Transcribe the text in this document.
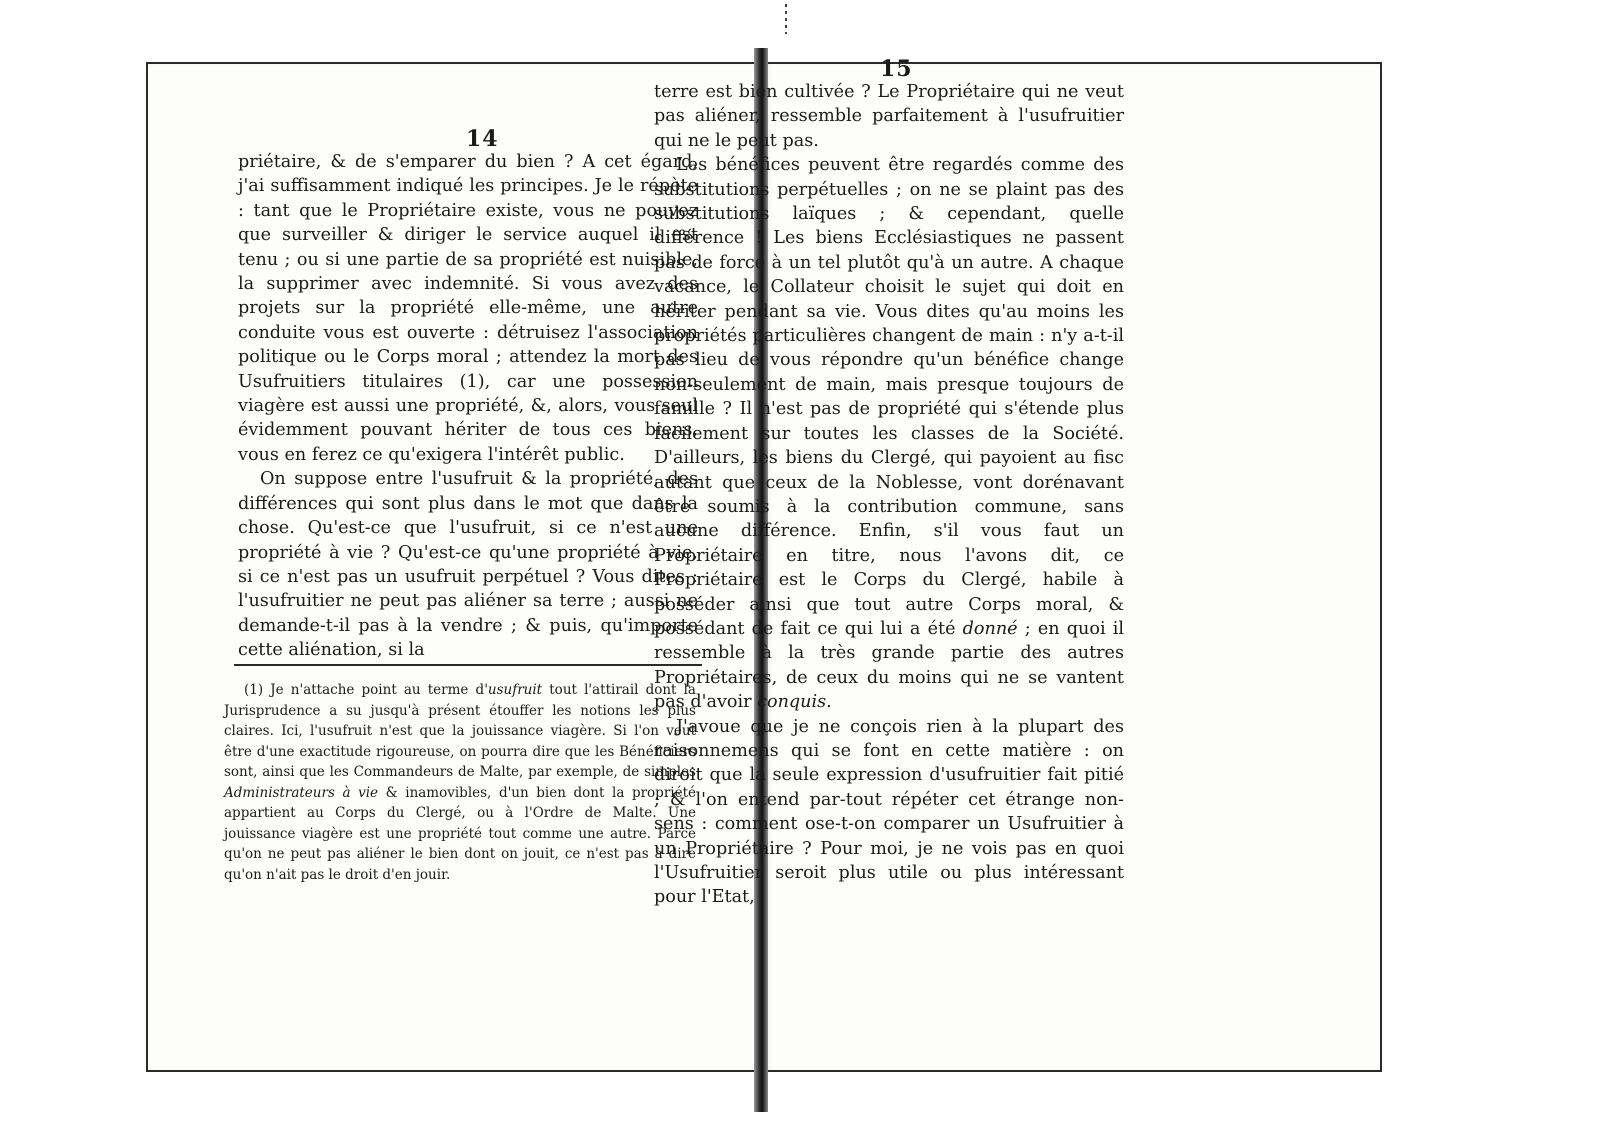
14

priétaire, & de s'emparer du bien ? A cet égard, j'ai suffisamment indiqué les principes. Je le répète : tant que le Propriétaire existe, vous ne pouvez que surveiller & diriger le service auquel il est tenu ; ou si une partie de sa propriété est nuisible, la supprimer avec indemnité. Si vous avez des projets sur la propriété elle-même, une autre conduite vous est ouverte : détruisez l'association politique ou le Corps moral ; attendez la mort des Usufruitiers titulaires (1), car une possession viagère est aussi une propriété, &, alors, vous seul évidemment pouvant hériter de tous ces biens, vous en ferez ce qu'exigera l'intérêt public.

On suppose entre l'usufruit & la propriété, des différences qui sont plus dans le mot que dans la chose. Qu'est-ce que l'usufruit, si ce n'est une propriété à vie ? Qu'est-ce qu'une propriété à vie, si ce n'est pas un usufruit perpétuel ? Vous dites : l'usufruitier ne peut pas aliéner sa terre ; aussi ne demande-t-il pas à la vendre ; & puis, qu'importe cette aliénation, si la

(1) Je n'attache point au terme d'usufruit tout l'attirail dont la Jurisprudence a su jusqu'à présent étouffer les notions les plus claires. Ici, l'usufruit n'est que la jouissance viagère. Si l'on veut être d'une exactitude rigoureuse, on pourra dire que les Bénéficiers sont, ainsi que les Commandeurs de Malte, par exemple, de simples Administrateurs à vie & inamovibles, d'un bien dont la propriété appartient au Corps du Clergé, ou à l'Ordre de Malte. Une jouissance viagère est une propriété tout comme une autre. Parce qu'on ne peut pas aliéner le bien dont on jouit, ce n'est pas à dire qu'on n'ait pas le droit d'en jouir.

15

terre est bien cultivée ? Le Propriétaire qui ne veut pas aliéner, ressemble parfaitement à l'usufruitier qui ne le peut pas.

Les bénéfices peuvent être regardés comme des substitutions perpétuelles ; on ne se plaint pas des substitutions laïques ; & cependant, quelle différence ! Les biens Ecclésiastiques ne passent pas de force à un tel plutôt qu'à un autre. A chaque vacance, le Collateur choisit le sujet qui doit en hériter pendant sa vie. Vous dites qu'au moins les propriétés particulières changent de main : n'y a-t-il pas lieu de vous répondre qu'un bénéfice change non-seulement de main, mais presque toujours de famille ? Il n'est pas de propriété qui s'étende plus facilement sur toutes les classes de la Société. D'ailleurs, les biens du Clergé, qui payoient au fisc autant que ceux de la Noblesse, vont dorénavant être soumis à la contribution commune, sans aucune différence. Enfin, s'il vous faut un Propriétaire en titre, nous l'avons dit, ce Propriétaire est le Corps du Clergé, habile à posséder ainsi que tout autre Corps moral, & possédant de fait ce qui lui a été donné ; en quoi il ressemble à la très grande partie des autres Propriétaires, de ceux du moins qui ne se vantent pas d'avoir conquis.

J'avoue que je ne conçois rien à la plupart des raisonnemens qui se font en cette matière : on diroit que la seule expression d'usufruitier fait pitié ; & l'on entend par-tout répéter cet étrange non-sens : comment ose-t-on comparer un Usufruitier à un Propriétaire ? Pour moi, je ne vois pas en quoi l'Usufruitier seroit plus utile ou plus intéressant pour l'Etat,
